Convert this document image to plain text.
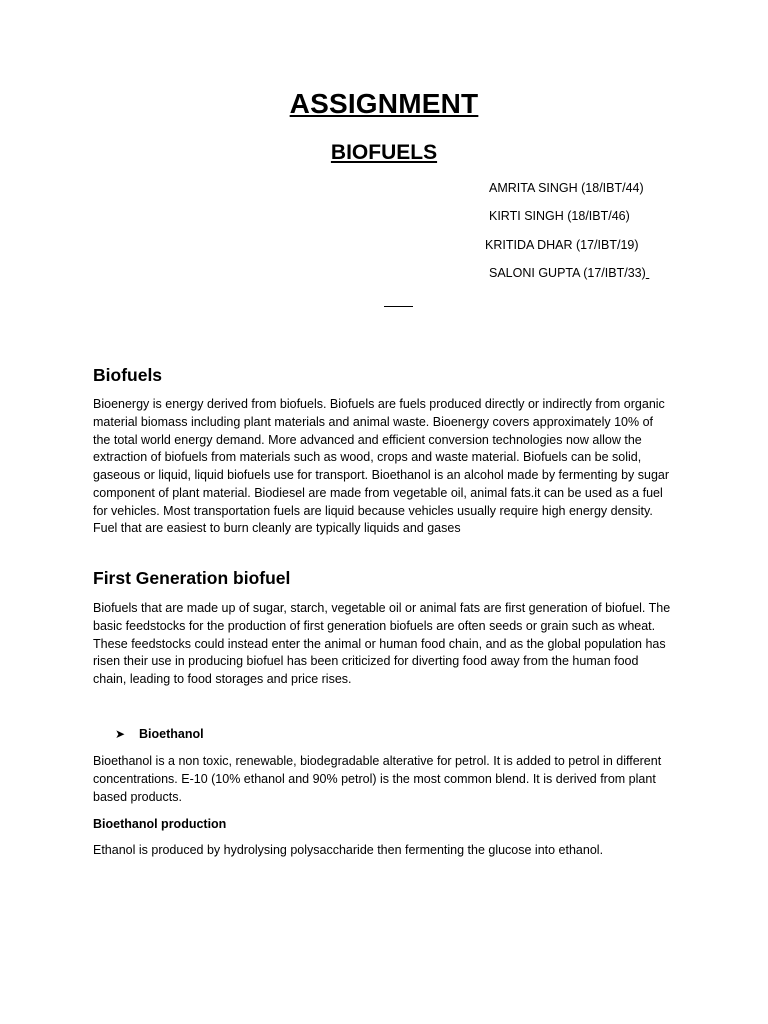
ASSIGNMENT
BIOFUELS
AMRITA SINGH (18/IBT/44)
KIRTI SINGH (18/IBT/46)
KRITIDA DHAR (17/IBT/19)
SALONI GUPTA (17/IBT/33)
Biofuels

Bioenergy is energy derived from biofuels. Biofuels are fuels produced directly or indirectly from organic material biomass including plant materials and animal waste. Bioenergy covers approximately 10% of the total world energy demand. More advanced and efficient conversion technologies now allow the extraction of biofuels from materials such as wood, crops and waste material. Biofuels can be solid, gaseous or liquid, liquid biofuels use for transport. Bioethanol is an alcohol made by fermenting by sugar component of plant material. Biodiesel are made from vegetable oil, animal fats.it can be used as a fuel for vehicles. Most transportation fuels are liquid because vehicles usually require high energy density. Fuel that are easiest to burn cleanly are typically liquids and gases

First Generation biofuel

Biofuels that are made up of sugar, starch, vegetable oil or animal fats are first generation of biofuel. The basic feedstocks for the production of first generation biofuels are often seeds or grain such as wheat. These feedstocks could instead enter the animal or human food chain, and as the global population has risen their use in producing biofuel has been criticized for diverting food away from the human food chain, leading to food storages and price rises.

➤	Bioethanol

Bioethanol is a non toxic, renewable, biodegradable alterative for petrol. It is added to petrol in different concentrations. E-10 (10% ethanol and 90% petrol) is the most common blend. It is derived from plant based products.

Bioethanol production

Ethanol is produced by hydrolysing polysaccharide then fermenting the glucose into ethanol.
